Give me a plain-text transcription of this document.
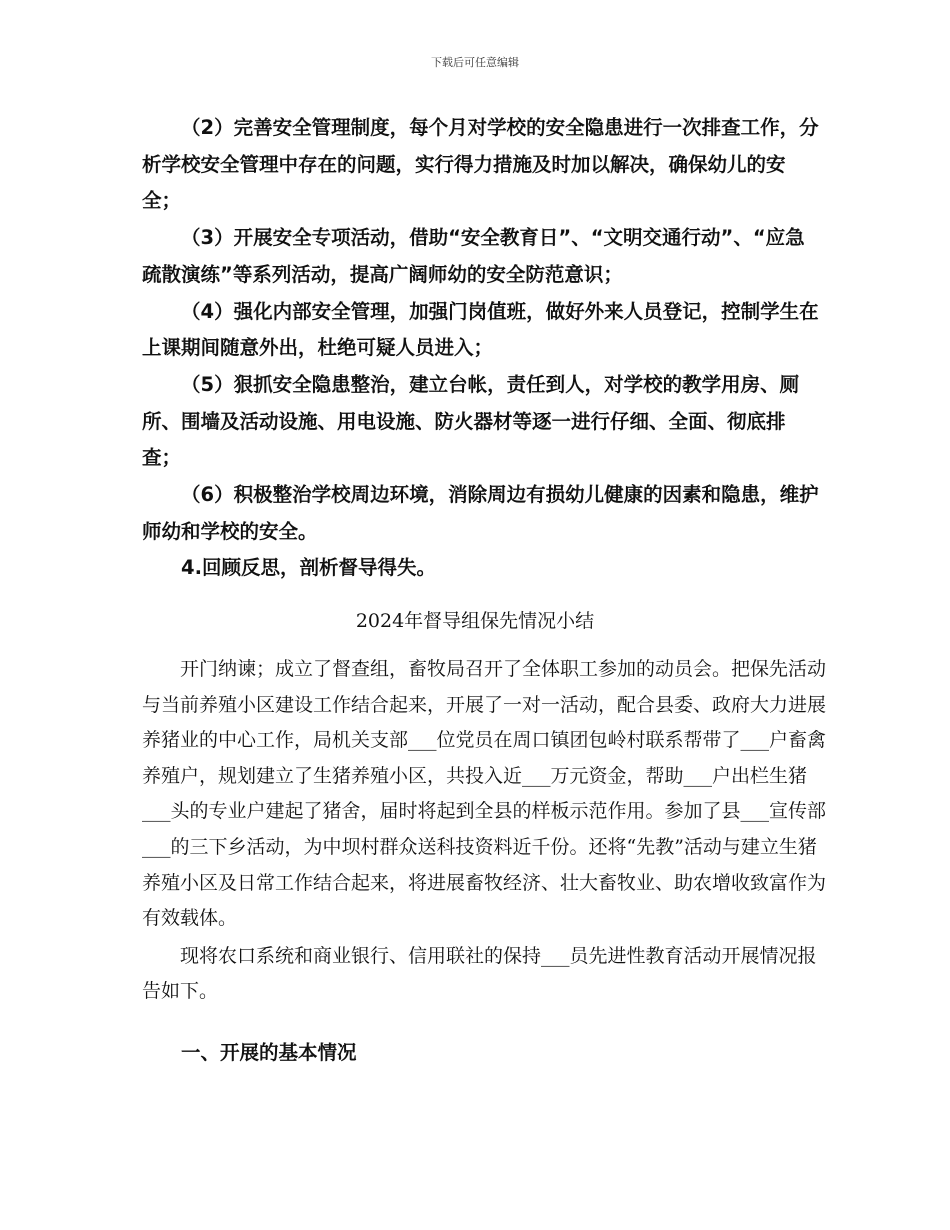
下载后可任意编辑

（2）完善安全管理制度，每个月对学校的安全隐患进行一次排查工作，分析学校安全管理中存在的问题，实行得力措施及时加以解决，确保幼儿的安全；

（3）开展安全专项活动，借助“安全教育日”、“文明交通行动”、“应急疏散演练”等系列活动，提高广阔师幼的安全防范意识；

（4）强化内部安全管理，加强门岗值班，做好外来人员登记，控制学生在上课期间随意外出，杜绝可疑人员进入；

（5）狠抓安全隐患整治，建立台帐，责任到人，对学校的教学用房、厕所、围墙及活动设施、用电设施、防火器材等逐一进行仔细、全面、彻底排查；

（6）积极整治学校周边环境，消除周边有损幼儿健康的因素和隐患，维护师幼和学校的安全。

4.回顾反思，剖析督导得失。

2024年督导组保先情况小结

开门纳谏；成立了督查组，畜牧局召开了全体职工参加的动员会。把保先活动与当前养殖小区建设工作结合起来，开展了一对一活动，配合县委、政府大力进展养猪业的中心工作，局机关支部___位党员在周口镇团包岭村联系帮带了___户畜禽养殖户，规划建立了生猪养殖小区，共投入近___万元资金，帮助___户出栏生猪___头的专业户建起了猪舍，届时将起到全县的样板示范作用。参加了县___宣传部___的三下乡活动，为中坝村群众送科技资料近千份。还将“先教”活动与建立生猪养殖小区及日常工作结合起来，将进展畜牧经济、壮大畜牧业、助农增收致富作为有效载体。

现将农口系统和商业银行、信用联社的保持___员先进性教育活动开展情况报告如下。

一、开展的基本情况
